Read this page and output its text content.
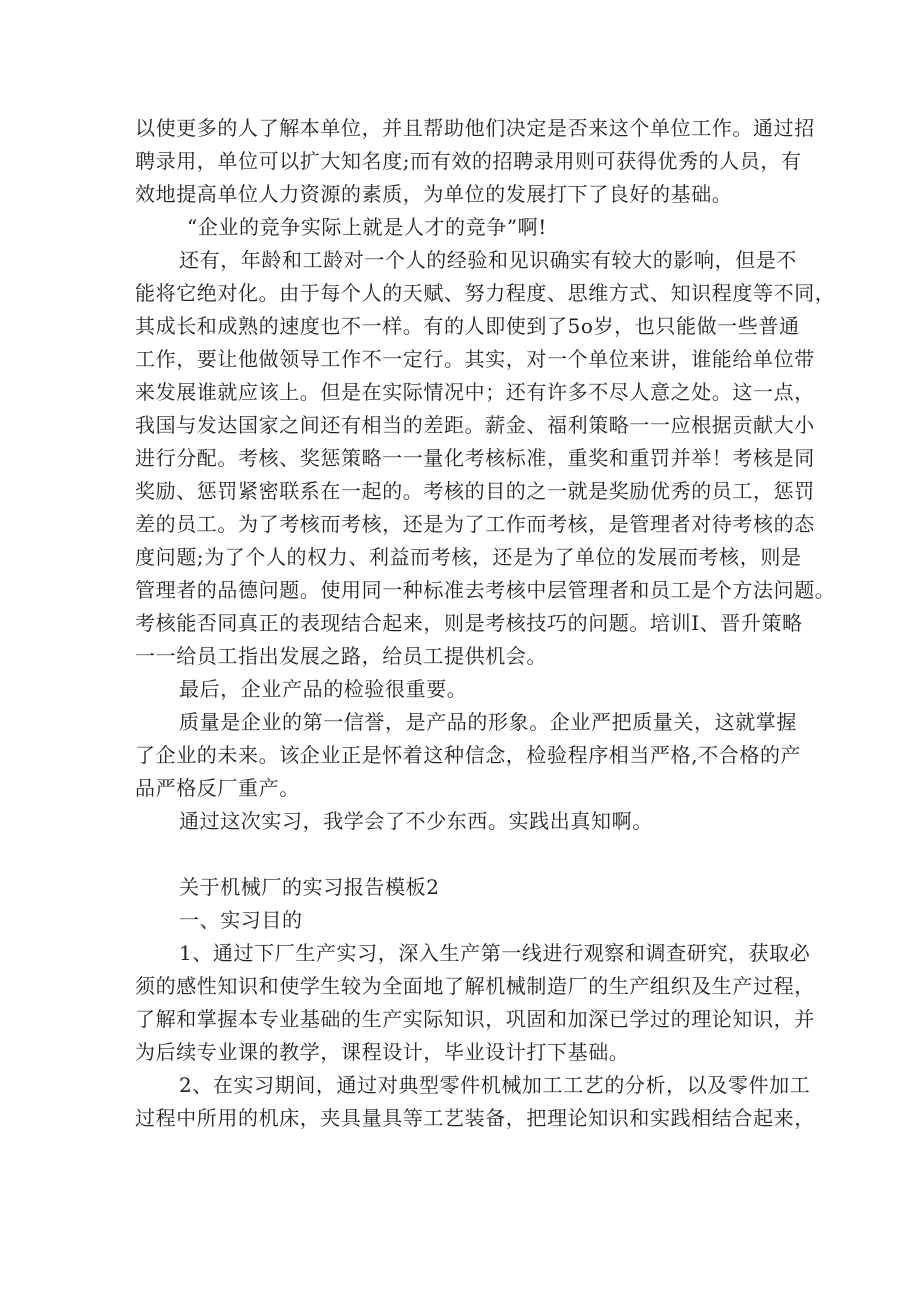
以使更多的人了解本单位，并且帮助他们决定是否来这个单位工作。通过招
聘录用，单位可以扩大知名度;而有效的招聘录用则可获得优秀的人员，有
效地提高单位人力资源的素质，为单位的发展打下了良好的基础。
“企业的竞争实际上就是人才的竞争”啊!
还有，年龄和工龄对一个人的经验和见识确实有较大的影响，但是不
能将它绝对化。由于每个人的天赋、努力程度、思维方式、知识程度等不同，
其成长和成熟的速度也不一样。有的人即使到了5o岁，也只能做一些普通
工作，要让他做领导工作不一定行。其实，对一个单位来讲，谁能给单位带
来发展谁就应该上。但是在实际情况中；还有许多不尽人意之处。这一点，
我国与发达国家之间还有相当的差距。薪金、福利策略一一应根据贡献大小
进行分配。考核、奖惩策略一一量化考核标准，重奖和重罚并举！考核是同
奖励、惩罚紧密联系在一起的。考核的目的之一就是奖励优秀的员工，惩罚
差的员工。为了考核而考核，还是为了工作而考核，是管理者对待考核的态
度问题;为了个人的权力、利益而考核，还是为了单位的发展而考核，则是
管理者的品德问题。使用同一种标准去考核中层管理者和员工是个方法问题。
考核能否同真正的表现结合起来，则是考核技巧的问题。培训I、晋升策略
一一给员工指出发展之路，给员工提供机会。
最后，企业产品的检验很重要。
质量是企业的第一信誉，是产品的形象。企业严把质量关，这就掌握
了企业的未来。该企业正是怀着这种信念，检验程序相当严格,不合格的产
品严格反厂重产。
通过这次实习，我学会了不少东西。实践出真知啊。
关于机械厂的实习报告模板2
一、实习目的
1、通过下厂生产实习，深入生产第一线进行观察和调查研究，获取必
须的感性知识和使学生较为全面地了解机械制造厂的生产组织及生产过程，
了解和掌握本专业基础的生产实际知识，巩固和加深已学过的理论知识，并
为后续专业课的教学，课程设计，毕业设计打下基础。
2、在实习期间，通过对典型零件机械加工工艺的分析，以及零件加工
过程中所用的机床，夹具量具等工艺装备，把理论知识和实践相结合起来，
